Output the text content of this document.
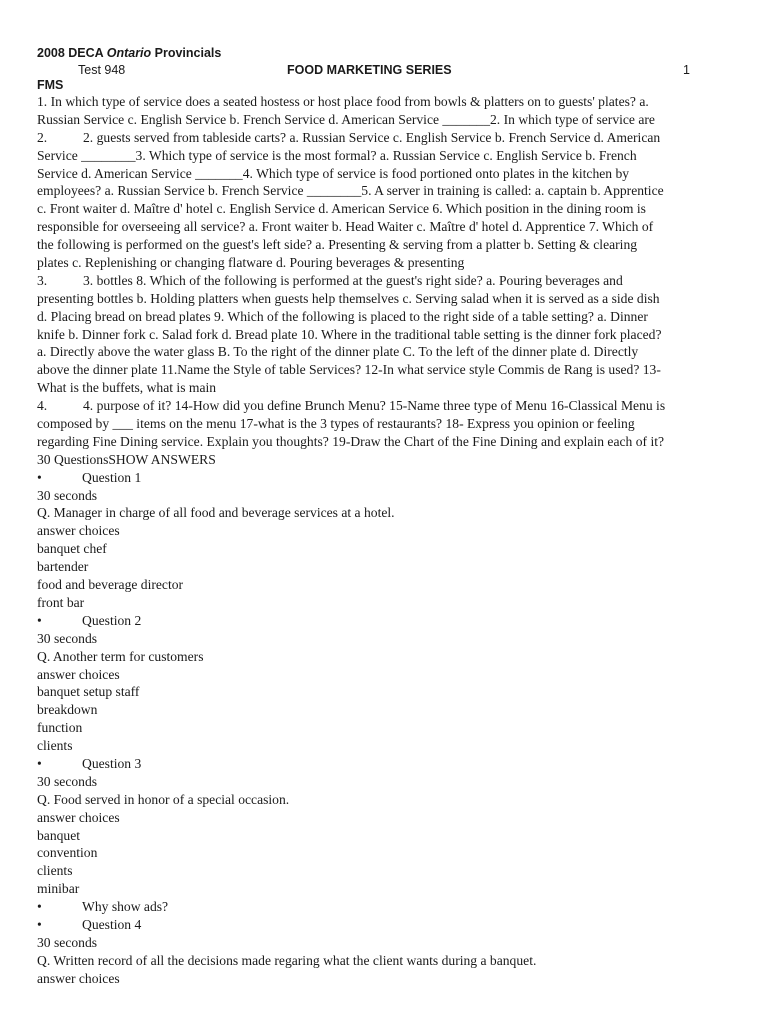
2008 DECA Ontario Provincials
Test 948	FOOD MARKETING SERIES	1
FMS
1. In which type of service does a seated hostess or host place food from bowls & platters on to guests' plates? a.
Russian Service c. English Service b. French Service d. American Service _______2. In which type of service are
2.	2. guests served from tableside carts? a. Russian Service c. English Service b. French Service d. American
Service ________3. Which type of service is the most formal? a. Russian Service c. English Service b. French
Service d. American Service _______4. Which type of service is food portioned onto plates in the kitchen by
employees? a. Russian Service b. French Service ________5. A server in training is called: a. captain b. Apprentice
c. Front waiter d. Maître d' hotel c. English Service d. American Service 6. Which position in the dining room is
responsible for overseeing all service? a. Front waiter b. Head Waiter c. Maître d' hotel d. Apprentice 7. Which of
the following is performed on the guest's left side? a. Presenting & serving from a platter b. Setting & clearing
plates c. Replenishing or changing flatware d. Pouring beverages & presenting
3.	3. bottles 8. Which of the following is performed at the guest's right side? a. Pouring beverages and
presenting bottles b. Holding platters when guests help themselves c. Serving salad when it is served as a side dish
d. Placing bread on bread plates 9. Which of the following is placed to the right side of a table setting? a. Dinner
knife b. Dinner fork c. Salad fork d. Bread plate 10. Where in the traditional table setting is the dinner fork placed?
a. Directly above the water glass B. To the right of the dinner plate C. To the left of the dinner plate d. Directly
above the dinner plate 11.Name the Style of table Services? 12-In what service style Commis de Rang is used? 13-
What is the buffets, what is main
4.	4. purpose of it? 14-How did you define Brunch Menu? 15-Name three type of Menu 16-Classical Menu is
composed by ___ items on the menu 17-what is the 3 types of restaurants? 18- Express you opinion or feeling
regarding Fine Dining service. Explain you thoughts? 19-Draw the Chart of the Fine Dining and explain each of it?
30 QuestionsSHOW ANSWERS
•	Question 1
30 seconds
Q. Manager in charge of all food and beverage services at a hotel.
answer choices
banquet chef
bartender
food and beverage director
front bar
•	Question 2
30 seconds
Q. Another term for customers
answer choices
banquet setup staff
breakdown
function
clients
•	Question 3
30 seconds
Q. Food served in honor of a special occasion.
answer choices
banquet
convention
clients
minibar
•	Why show ads?
•	Question 4
30 seconds
Q. Written record of all the decisions made regaring what the client wants during a banquet.
answer choices
